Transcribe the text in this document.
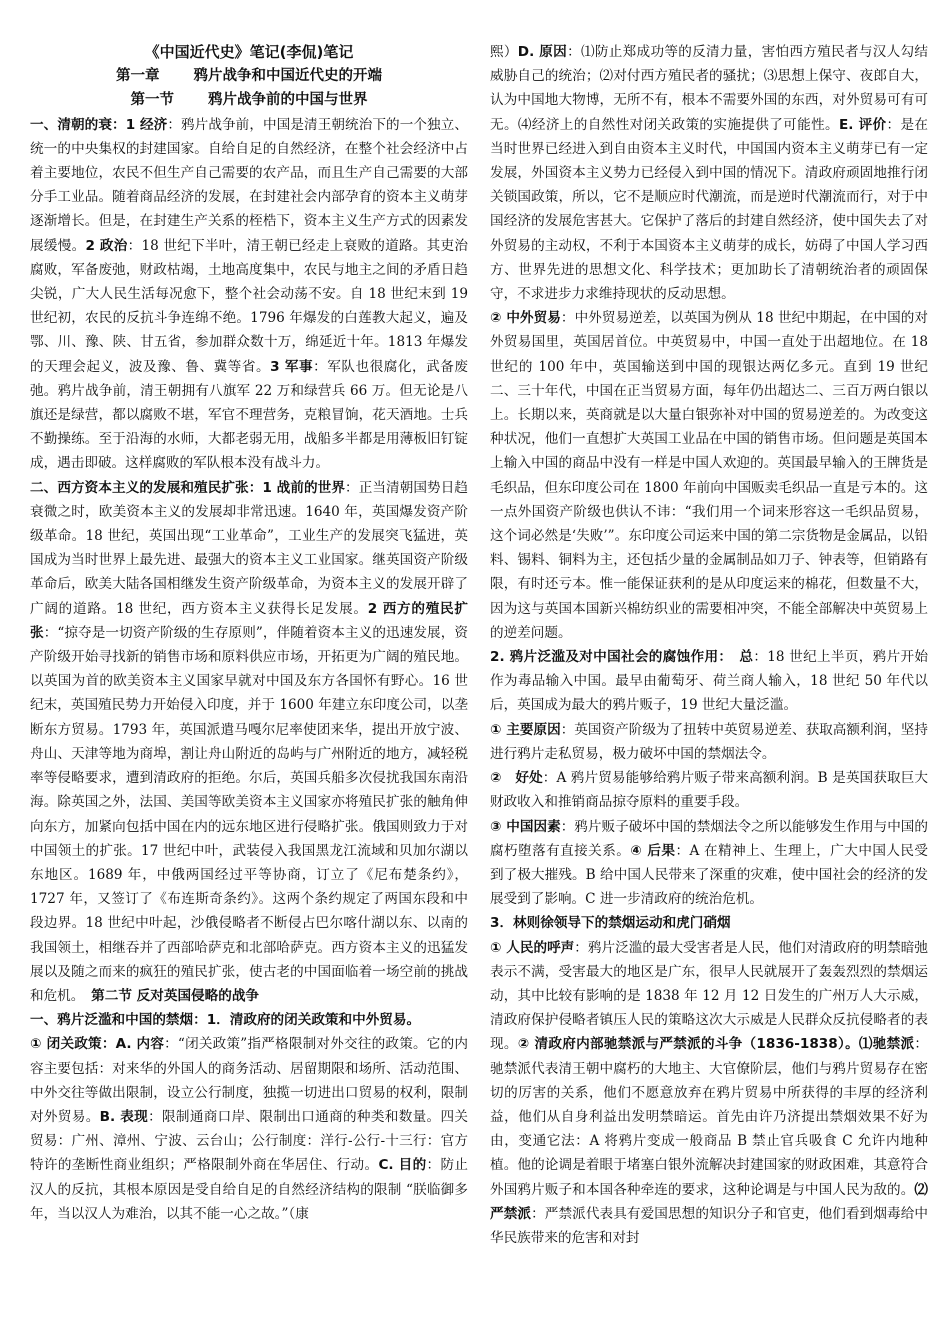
《中国近代史》笔记(李侃)笔记

第一章　　 鸦片战争和中国近代史的开端

第一节　　 鸦片战争前的中国与世界

一、清朝的衰：1 经济：鸦片战争前，中国是清王朝统治下的一个独立、统一的中央集权的封建国家。自给自足的自然经济，在整个社会经济中占着主要地位，农民不但生产自己需要的农产品，而且生产自己需要的大部分手工业品。随着商品经济的发展，在封建社会内部孕育的资本主义萌芽逐渐增长。但是，在封建生产关系的桎梏下，资本主义生产方式的因素发展缓慢。2 政治：18 世纪下半叶，清王朝已经走上衰败的道路。其吏治腐败，军备废弛，财政枯竭，土地高度集中，农民与地主之间的矛盾日趋尖锐，广大人民生活每况愈下，整个社会动荡不安。自 18 世纪末到 19 世纪初，农民的反抗斗争连绵不绝。1796 年爆发的白莲教大起义，遍及鄂、川、豫、陕、甘五省，参加群众数十万，绵延近十年。1813 年爆发的天理会起义，波及豫、鲁、冀等省。3 军事：军队也很腐化，武备废弛。鸦片战争前，清王朝拥有八旗军 22 万和绿营兵 66 万。但无论是八旗还是绿营，都以腐败不堪，军官不理营务，克粮冒饷，花天酒地。士兵不勤操练。至于沿海的水师，大都老弱无用，战船多半都是用薄板旧钉锭成，遇击即破。这样腐败的军队根本没有战斗力。

二、西方资本主义的发展和殖民扩张：1 战前的世界：正当清朝国势日趋衰微之时，欧美资本主义的发展却非常迅速。1640 年，英国爆发资产阶级革命。18 世纪，英国出现“工业革命”，工业生产的发展突飞猛进，英国成为当时世界上最先进、最强大的资本主义工业国家。继英国资产阶级革命后，欧美大陆各国相继发生资产阶级革命，为资本主义的发展开辟了广阔的道路。18 世纪，西方资本主义获得长足发展。2 西方的殖民扩张：“掠夺是一切资产阶级的生存原则”，伴随着资本主义的迅速发展，资产阶级开始寻找新的销售市场和原料供应市场，开拓更为广阔的殖民地。以英国为首的欧美资本主义国家早就对中国及东方各国怀有野心。16 世纪末，英国殖民势力开始侵入印度，并于 1600 年建立东印度公司，以垄断东方贸易。1793 年，英国派遣马嘎尔尼率使团来华，提出开放宁波、舟山、天津等地为商埠，割让舟山附近的岛屿与广州附近的地方，减轻税率等侵略要求，遭到清政府的拒绝。尔后，英国兵船多次侵扰我国东南沿海。除英国之外，法国、美国等欧美资本主义国家亦将殖民扩张的触角伸向东方，加紧向包括中国在内的远东地区进行侵略扩张。俄国则致力于对中国领土的扩张。17 世纪中叶，武装侵入我国黑龙江流域和贝加尔湖以东地区。1689 年，中俄两国经过平等协商，订立了《尼布楚条约》，1727 年，又签订了《布连斯奇条约》。这两个条约规定了两国东段和中段边界。18 世纪中叶起，沙俄侵略者不断侵占巴尔喀什湖以东、以南的我国领土，相继吞并了西部哈萨克和北部哈萨克。西方资本主义的迅猛发展以及随之而来的疯狂的殖民扩张，使古老的中国面临着一场空前的挑战和危机。　 第二节 反对英国侵略的战争

一、鸦片泛滥和中国的禁烟：1．清政府的闭关政策和中外贸易。

① 闭关政策：A. 内容：“闭关政策”指严格限制对外交往的政策。它的内容主要包括：对来华的外国人的商务活动、居留期限和场所、活动范围、中外交往等做出限制，设立公行制度，独揽一切进出口贸易的权利，限制对外贸易。B. 表现：限制通商口岸、限制出口通商的种类和数量。四关贸易：广州、漳州、宁波、云台山；公行制度：洋行-公行-十三行：官方特许的垄断性商业组织；严格限制外商在华居住、行动。C. 目的：防止汉人的反抗，其根本原因是受自给自足的自然经济结构的限制 “朕临御多年，当以汉人为难治，以其不能一心之故。”（康

熙）D. 原因：⑴防止郑成功等的反清力量，害怕西方殖民者与汉人勾结威胁自己的统治；⑵对付西方殖民者的骚扰；⑶思想上保守、夜郎自大，认为中国地大物博，无所不有，根本不需要外国的东西，对外贸易可有可无。⑷经济上的自然性对闭关政策的实施提供了可能性。E. 评价：是在当时世界已经进入到自由资本主义时代，中国国内资本主义萌芽已有一定发展，外国资本主义势力已经侵入到中国的情况下。清政府顽固地推行闭关锁国政策，所以，它不是顺应时代潮流，而是逆时代潮流而行，对于中国经济的发展危害甚大。它保护了落后的封建自然经济，使中国失去了对外贸易的主动权，不利于本国资本主义萌芽的成长，妨碍了中国人学习西方、世界先进的思想文化、科学技术；更加助长了清朝统治者的顽固保守，不求进步力求维持现状的反动思想。

② 中外贸易：中外贸易逆差，以英国为例从 18 世纪中期起，在中国的对外贸易国里，英国居首位。中英贸易中，中国一直处于出超地位。在 18 世纪的 100 年中，英国输送到中国的现银达两亿多元。直到 19 世纪二、三十年代，中国在正当贸易方面，每年仍出超达二、三百万两白银以上。长期以来，英商就是以大量白银弥补对中国的贸易逆差的。为改变这种状况，他们一直想扩大英国工业品在中国的销售市场。但问题是英国本上输入中国的商品中没有一样是中国人欢迎的。英国最早输入的王牌货是毛织品，但东印度公司在 1800 年前向中国贩卖毛织品一直是亏本的。这一点外国资产阶级也供认不讳：“我们用一个词来形容这一毛织品贸易，这个词必然是‘失败’”。东印度公司运来中国的第二宗货物是金属品，以铅料、锡料、铜料为主，还包括少量的金属制品如刀子、钟表等，但销路有限，有时还亏本。惟一能保证获利的是从印度运来的棉花，但数量不大，因为这与英国本国新兴棉纺织业的需要相冲突，不能全部解决中英贸易上的逆差问题。

2. 鸦片泛滥及对中国社会的腐蚀作用：　总：18 世纪上半页，鸦片开始作为毒品输入中国。最早由葡萄牙、荷兰商人输入，18 世纪 50 年代以后，英国成为最大的鸦片贩子，19 世纪大量泛滥。

① 主要原因：英国资产阶级为了扭转中英贸易逆差、获取高额利润，坚持进行鸦片走私贸易，极力破坏中国的禁烟法令。

②　好处：A 鸦片贸易能够给鸦片贩子带来高额利润。B 是英国获取巨大财政收入和推销商品掠夺原料的重要手段。

③ 中国因素：鸦片贩子破坏中国的禁烟法令之所以能够发生作用与中国的腐朽堕落有直接关系。④ 后果：A 在精神上、生理上，广大中国人民受到了极大摧残。B 给中国人民带来了深重的灾难，使中国社会的经济的发展受到了影响。C 进一步清政府的统治危机。

3．林则徐领导下的禁烟运动和虎门硝烟

① 人民的呼声：鸦片泛滥的最大受害者是人民，他们对清政府的明禁暗弛表示不满，受害最大的地区是广东，很早人民就展开了轰轰烈烈的禁烟运动，其中比较有影响的是 1838 年 12 月 12 日发生的广州万人大示威，清政府保护侵略者镇压人民的策略这次大示威是人民群众反抗侵略者的表现。② 清政府内部驰禁派与严禁派的斗争（1836-1838）。⑴驰禁派：驰禁派代表清王朝中腐朽的大地主、大官僚阶层，他们与鸦片贸易存在密切的厉害的关系，他们不愿意放弃在鸦片贸易中所获得的丰厚的经济利益，他们从自身利益出发明禁暗运。首先由许乃济提出禁烟效果不好为由，变通它法：A 将鸦片变成一般商品 B 禁止官兵吸食 C 允许内地种植。他的论调是着眼于堵塞白银外流解决封建国家的财政困难，其意符合外国鸦片贩子和本国各种牵连的要求，这种论调是与中国人民为敌的。⑵严禁派：严禁派代表具有爱国思想的知识分子和官吏，他们看到烟毒给中华民族带来的危害和对封
